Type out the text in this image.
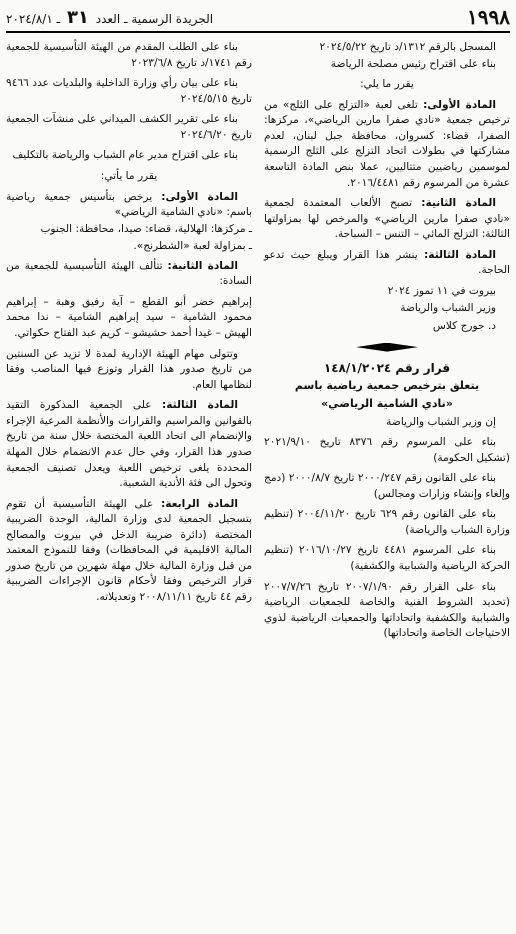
١٩٩٨
الجريدة الرسمية ـ العدد ٣١ ـ ٢٠٢٤/٨/١

المسجل بالرقم ١٣١٢/د تاريخ ٢٠٢٤/٥/٢٢

بناء على اقتراح رئيس مصلحة الرياضة

يقرر ما يلي:

المادة الأولى: تلغى لعبة «التزلج على الثلج» من ترخيص جمعية «نادي صفرا مارين الرياضي»، مركزها: الصفرا، قضاء: كسروان، محافظة جبل لبنان، لعدم مشاركتها في بطولات اتحاد التزلج على الثلج الرسمية لموسمين رياضيين متتاليين، عملا بنص المادة التاسعة عشرة من المرسوم رقم ٢٠١٦/٤٤٨١.

المادة الثانية: تصبح الألعاب المعتمدة لجمعية «نادي صفرا مارين الرياضي» والمرخص لها بمزاولتها الثالثة: التزلج المائي – التنس – السباحة.

المادة الثالثة: ينشر هذا القرار ويبلغ حيث تدعو الحاجة.

بيروت في ١١ تموز ٢٠٢٤

وزير الشباب والرياضة

د. جورج كلاس

قرار رقم ١٤٨/١/٢٠٢٤

يتعلق بترخيص جمعية رياضية باسم

«نادي الشامية الرياضي»

إن وزير الشباب والرياضة

بناء على المرسوم رقم ٨٣٧٦ تاريخ ٢٠٢١/٩/١٠ (تشكيل الحكومة)

بناء على القانون رقم ٢٠٠٠/٢٤٧ تاريخ ٢٠٠٠/٨/٧ (دمج وإلغاء وإنشاء وزارات ومجالس)

بناء على القانون رقم ٦٢٩ تاريخ ٢٠٠٤/١١/٢٠ (تنظيم وزارة الشباب والرياضة)

بناء على المرسوم ٤٤٨١ تاريخ ٢٠١٦/١٠/٢٧ (تنظيم الحركة الرياضية والشبابية والكشفية)

بناء على القرار رقم ٢٠٠٧/١/٩٠ تاريخ ٢٠٠٧/٧/٢٦ (تحديد الشروط الفنية والخاصة للجمعيات الرياضية والشبابية والكشفية واتحاداتها والجمعيات الرياضية لذوي الاحتياجات الخاصة واتحاداتها)

بناء على الطلب المقدم من الهيئة التأسيسية للجمعية رقم ١٧٤١/د تاريخ ٢٠٢٣/٦/٨

بناء على بيان رأي وزارة الداخلية والبلديات عدد ٩٤٦٦ تاريخ ٢٠٢٤/٥/١٥

بناء على تقرير الكشف الميداني على منشآت الجمعية تاريخ ٢٠٢٤/٦/٢٠

بناء على اقتراح مدير عام الشباب والرياضة بالتكليف

يقرر ما يأتي:

المادة الأولى: يرخص بتأسيس جمعية رياضية باسم: «نادي الشامية الرياضي»

ـ مركزها: الهلالية، قضاء: صيدا، محافظة: الجنوب

ـ بمزاولة لعبة «الشطرنج».

المادة الثانية: تتألف الهيئة التأسيسية للجمعية من السادة:

إبراهيم خضر أبو القطع – آية رفيق وهبة – إبراهيم محمود الشامية – سيد إبراهيم الشامية – ندا محمد الهيش – غيدا أحمد حشيشو – كريم عبد الفتاح حكواتي.

وتتولى مهام الهيئة الإدارية لمدة لا تزيد عن السنتين من تاريخ صدور هذا القرار وتوزع فيها المناصب وفقا لنظامها العام.

المادة الثالثة: على الجمعية المذكورة التقيد بالقوانين والمراسيم والقرارات والأنظمة المرعية الإجراء والإنضمام الى اتحاد اللعبة المختصة خلال سنة من تاريخ صدور هذا القرار، وفي حال عدم الانضمام خلال المهلة المحددة يلغى ترخيص اللعبة ويعدل تصنيف الجمعية وتحول الى فئة الأندية الشعبية.

المادة الرابعة: على الهيئة التأسيسية أن تقوم بتسجيل الجمعية لدى وزارة المالية، الوحدة الضريبية المختصة (دائرة ضريبة الدخل في بيروت والمصالح المالية الاقليمية في المحافظات) وفقا للنموذج المعتمد من قبل وزارة المالية خلال مهلة شهرين من تاريخ صدور قرار الترخيص وفقا لأحكام قانون الإجراءات الضريبية رقم ٤٤ تاريخ ٢٠٠٨/١١/١١ وتعديلاته.
